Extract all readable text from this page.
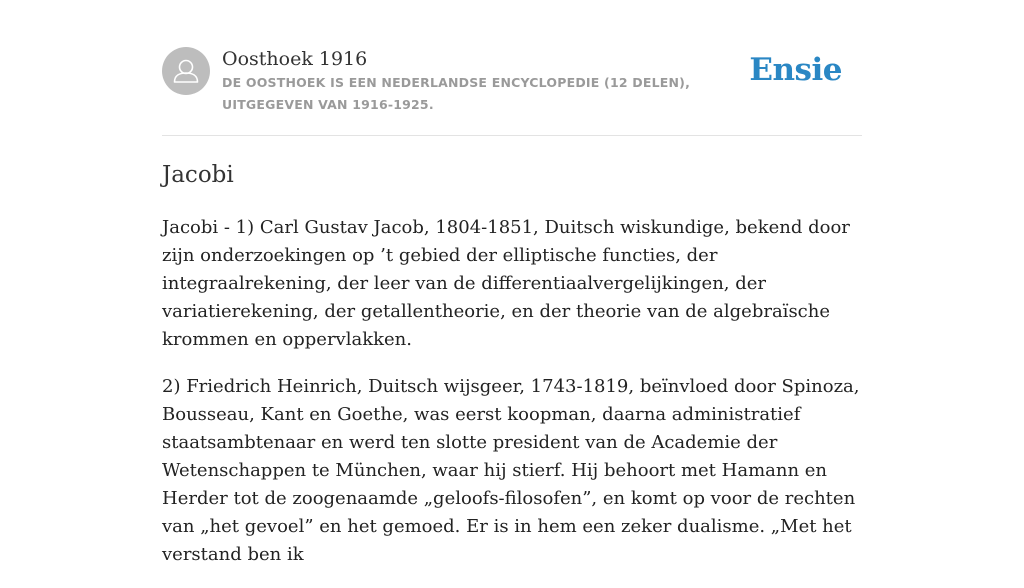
Oosthoek 1916

DE OOSTHOEK IS EEN NEDERLANDSE ENCYCLOPEDIE (12 DELEN), UITGEGEVEN VAN 1916-1925.

Ensie
Jacobi

Jacobi - 1) Carl Gustav Jacob, 1804-1851, Duitsch wiskundige, bekend door zijn onderzoekingen op ’t gebied der elliptische functies, der integraalrekening, der leer van de differentiaalvergelijkingen, der variatierekening, der getallentheorie, en der theorie van de algebraïsche krommen en oppervlakken.

2) Friedrich Heinrich, Duitsch wijsgeer, 1743-1819, beïnvloed door Spinoza, Bousseau, Kant en Goethe, was eerst koopman, daarna administratief staatsambtenaar en werd ten slotte president van de Academie der Wetenschappen te München, waar hij stierf. Hij behoort met Hamann en Herder tot de zoogenaamde „geloofs-filosofen”, en komt op voor de rechten van „het gevoel” en het gemoed. Er is in hem een zeker dualisme. „Met het verstand ben ik
